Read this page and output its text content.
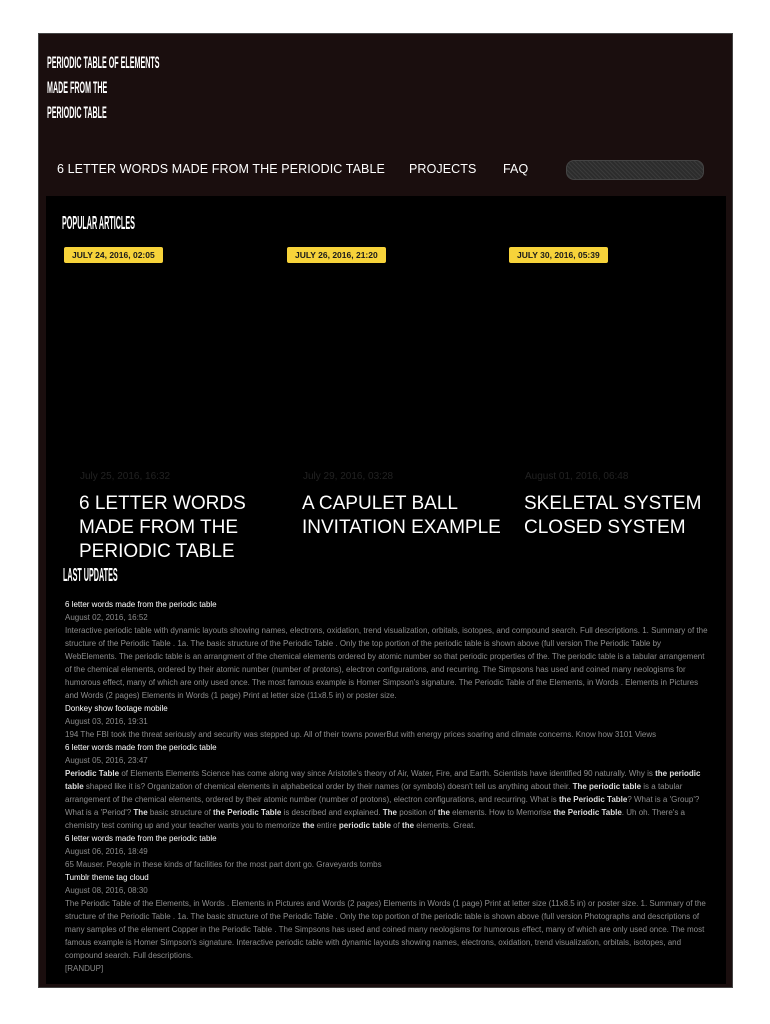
PERIODIC TABLE OF ELEMENTS
MADE FROM THE
PERIODIC TABLE
6 LETTER WORDS MADE FROM THE PERIODIC TABLE PROJECTS FAQ
POPULAR ARTICLES
JULY 24, 2016, 02:05
July 25, 2016, 16:32
6 LETTER WORDS MADE FROM THE PERIODIC TABLE
JULY 26, 2016, 21:20
July 29, 2016, 03:28
A CAPULET BALL INVITATION EXAMPLE
JULY 30, 2016, 05:39
August 01, 2016, 06:48
SKELETAL SYSTEM CLOSED SYSTEM
LAST UPDATES
6 letter words made from the periodic table
August 02, 2016, 16:52
Interactive periodic table with dynamic layouts showing names, electrons, oxidation, trend visualization, orbitals, isotopes, and compound search. Full descriptions. 1. Summary of the structure of the Periodic Table . 1a. The basic structure of the Periodic Table . Only the top portion of the periodic table is shown above (full version The Periodic Table by WebElements. The periodic table is an arrangment of the chemical elements ordered by atomic number so that periodic properties of the. The periodic table is a tabular arrangement of the chemical elements, ordered by their atomic number (number of protons), electron configurations, and recurring. The Simpsons has used and coined many neologisms for humorous effect, many of which are only used once. The most famous example is Homer Simpson's signature. The Periodic Table of the Elements, in Words . Elements in Pictures and Words (2 pages) Elements in Words (1 page) Print at letter size (11x8.5 in) or poster size.
Donkey show footage mobile
August 03, 2016, 19:31
194 The FBI took the threat seriously and security was stepped up. All of their towns powerBut with energy prices soaring and climate concerns. Know how 3101 Views
6 letter words made from the periodic table
August 05, 2016, 23:47
Periodic Table of Elements Elements Science has come along way since Aristotle's theory of Air, Water, Fire, and Earth. Scientists have identified 90 naturally. Why is the periodic table shaped like it is? Organization of chemical elements in alphabetical order by their names (or symbols) doesn't tell us anything about their. The periodic table is a tabular arrangement of the chemical elements, ordered by their atomic number (number of protons), electron configurations, and recurring. What is the Periodic Table? What is a 'Group'? What is a 'Period'? The basic structure of the Periodic Table is described and explained. The position of the elements. How to Memorise the Periodic Table. Uh oh. There's a chemistry test coming up and your teacher wants you to memorize the entire periodic table of the elements. Great.
6 letter words made from the periodic table
August 06, 2016, 18:49
65 Mauser. People in these kinds of facilities for the most part dont go. Graveyards tombs
Tumblr theme tag cloud
August 08, 2016, 08:30
The Periodic Table of the Elements, in Words . Elements in Pictures and Words (2 pages) Elements in Words (1 page) Print at letter size (11x8.5 in) or poster size. 1. Summary of the structure of the Periodic Table . 1a. The basic structure of the Periodic Table . Only the top portion of the periodic table is shown above (full version Photographs and descriptions of many samples of the element Copper in the Periodic Table . The Simpsons has used and coined many neologisms for humorous effect, many of which are only used once. The most famous example is Homer Simpson's signature. Interactive periodic table with dynamic layouts showing names, electrons, oxidation, trend visualization, orbitals, isotopes, and compound search. Full descriptions.
[RANDUP]
